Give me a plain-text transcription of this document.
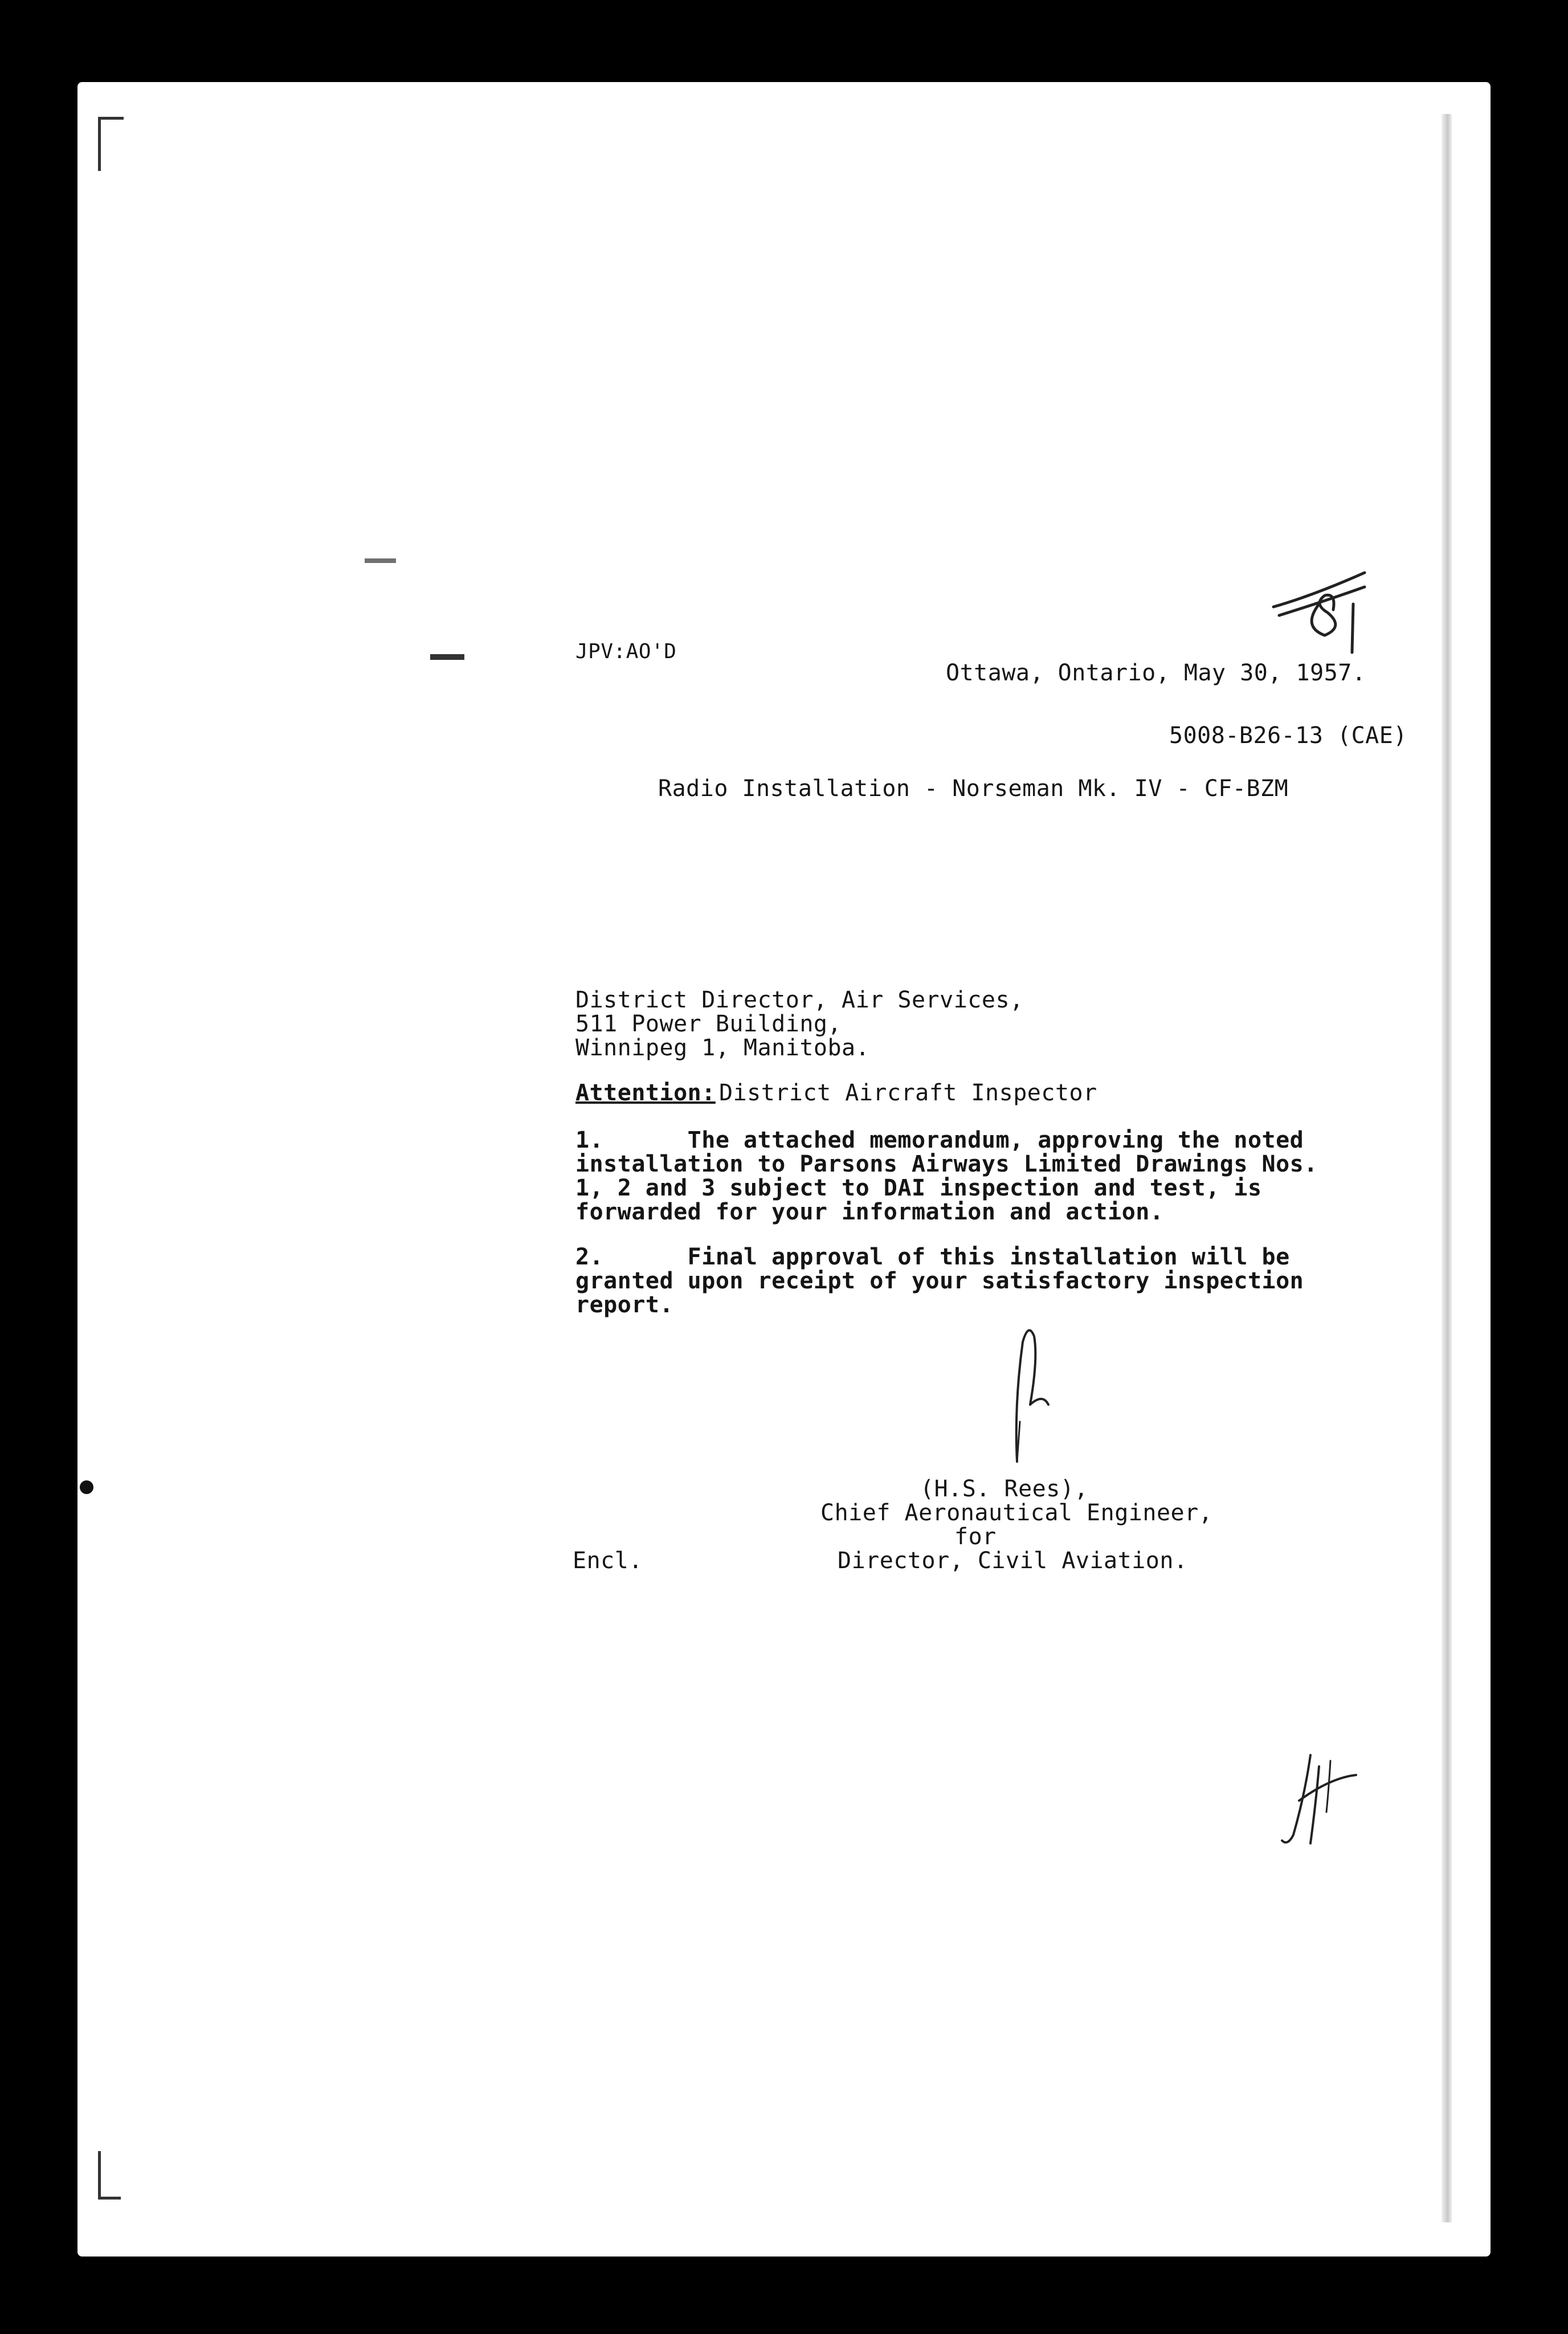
JPV:AO'D
Ottawa, Ontario, May 30, 1957.
5008-B26-13 (CAE)
Radio Installation - Norseman Mk. IV - CF-BZM

District Director, Air Services,

511 Power Building,

Winnipeg 1, Manitoba.

Attention: District Aircraft Inspector

1.      The attached memorandum, approving the noted

installation to Parsons Airways Limited Drawings Nos.

1, 2 and 3 subject to DAI inspection and test, is

forwarded for your information and action.

2.      Final approval of this installation will be

granted upon receipt of your satisfactory inspection

report.

(H.S. Rees),

Chief Aeronautical Engineer,

for

Director, Civil Aviation.

Encl.
